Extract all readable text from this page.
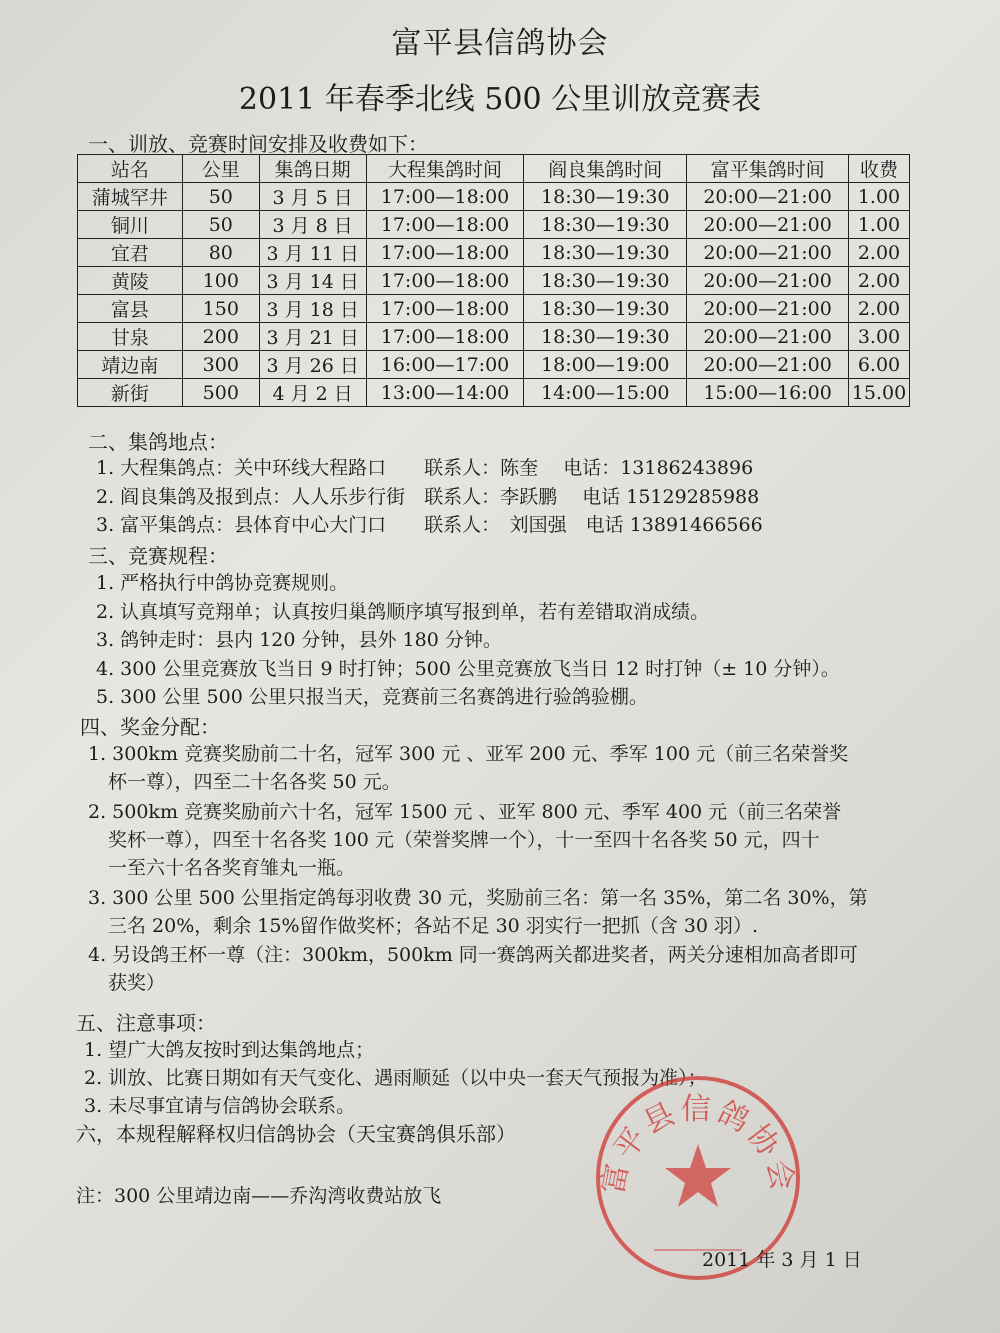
富平县信鸽协会
2011 年春季北线 500 公里训放竞赛表
一、训放、竞赛时间安排及收费如下：
站名	公里	集鸽日期	大程集鸽时间	阎良集鸽时间	富平集鸽时间	收费
蒲城罕井	50	3 月 5 日	17:00—18:00	18:30—19:30	20:00—21:00	1.00
铜川	50	3 月 8 日	17:00—18:00	18:30—19:30	20:00—21:00	1.00
宜君	80	3 月 11 日	17:00—18:00	18:30—19:30	20:00—21:00	2.00
黄陵	100	3 月 14 日	17:00—18:00	18:30—19:30	20:00—21:00	2.00
富县	150	3 月 18 日	17:00—18:00	18:30—19:30	20:00—21:00	2.00
甘泉	200	3 月 21 日	17:00—18:00	18:30—19:30	20:00—21:00	3.00
靖边南	300	3 月 26 日	16:00—17:00	18:00—19:00	20:00—21:00	6.00
新街	500	4 月 2 日	13:00—14:00	14:00—15:00	15:00—16:00	15.00
二、集鸽地点：
1. 大程集鸽点：关中环线大程路口　　联系人：陈奎　 电话：13186243896
2. 阎良集鸽及报到点：人人乐步行街　联系人：李跃鹏　 电话 15129285988
3. 富平集鸽点：县体育中心大门口　　联系人：　刘国强　电话 13891466566
三、竞赛规程：
1. 严格执行中鸽协竞赛规则。
2. 认真填写竞翔单；认真按归巢鸽顺序填写报到单，若有差错取消成绩。
3. 鸽钟走时：县内 120 分钟，县外 180 分钟。
4. 300 公里竞赛放飞当日 9 时打钟；500 公里竞赛放飞当日 12 时打钟（± 10 分钟）。
5. 300 公里 500 公里只报当天，竞赛前三名赛鸽进行验鸽验棚。
四、奖金分配：
1. 300km 竞赛奖励前二十名，冠军 300 元 、亚军 200 元、季军 100 元（前三名荣誉奖
杯一尊），四至二十名各奖 50 元。
2. 500km 竞赛奖励前六十名，冠军 1500 元 、亚军 800 元、季军 400 元（前三名荣誉
奖杯一尊），四至十名各奖 100 元（荣誉奖牌一个），十一至四十名各奖 50 元，四十
一至六十名各奖育雏丸一瓶。
3. 300 公里 500 公里指定鸽每羽收费 30 元，奖励前三名：第一名 35%，第二名 30%，第
三名 20%，剩余 15%留作做奖杯；各站不足 30 羽实行一把抓（含 30 羽）.
4. 另设鸽王杯一尊（注：300km，500km 同一赛鸽两关都进奖者，两关分速相加高者即可
获奖）
五、注意事项：
1. 望广大鸽友按时到达集鸽地点；
2. 训放、比赛日期如有天气变化、遇雨顺延（以中央一套天气预报为准）；
3. 未尽事宜请与信鸽协会联系。
六，本规程解释权归信鸽协会（天宝赛鸽俱乐部）
注：300 公里靖边南——乔沟湾收费站放飞	富平县信鸽协会
2011 年 3 月 1 日
